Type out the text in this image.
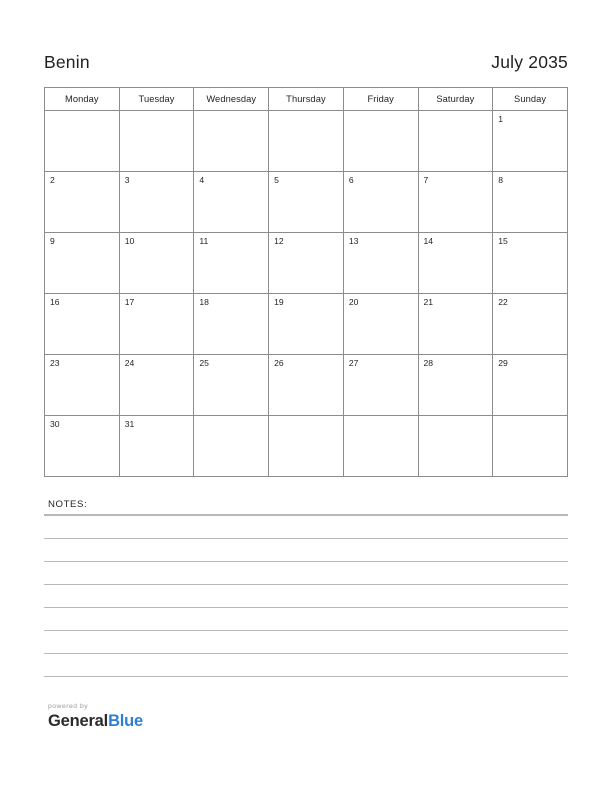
Benin	July 2035
Monday	Tuesday	Wednesday	Thursday	Friday	Saturday	Sunday

						1

2	3	4	5	6	7	8

9	10	11	12	13	14	15

16	17	18	19	20	21	22

23	24	25	26	27	28	29

30	31					

NOTES:
powered by
GeneralBlue
